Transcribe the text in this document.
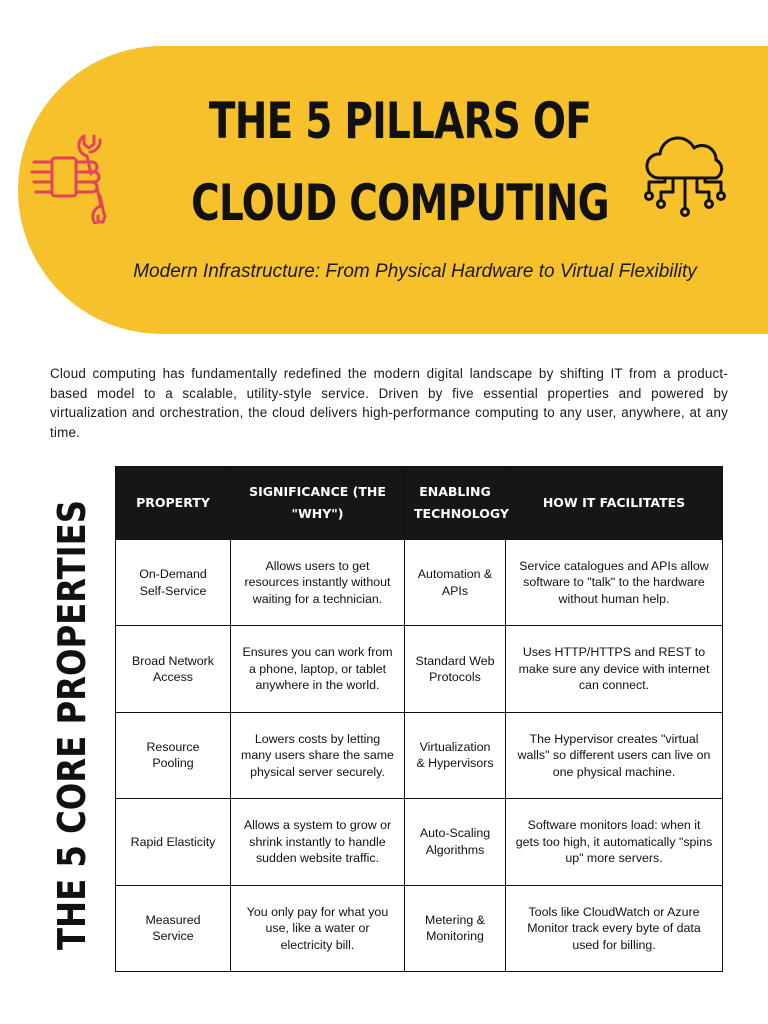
THE 5 PILLARS OF
CLOUD COMPUTING

Modern Infrastructure: From Physical Hardware to Virtual Flexibility

Cloud computing has fundamentally redefined the modern digital landscape by shifting IT from a product-based model to a scalable, utility-style service. Driven by five essential properties and powered by virtualization and orchestration, the cloud delivers high-performance computing to any user, anywhere, at any time.

THE 5 CORE PROPERTIES	PROPERTY	SIGNIFICANCE (THE "WHY")	ENABLING TECHNOLOGY	HOW IT FACILITATES
On-Demand Self-Service	Allows users to get resources instantly without waiting for a technician.	Automation & APIs	Service catalogues and APIs allow software to "talk" to the hardware without human help.
Broad Network Access	Ensures you can work from a phone, laptop, or tablet anywhere in the world.	Standard Web Protocols	Uses HTTP/HTTPS and REST to make sure any device with internet can connect.
Resource Pooling	Lowers costs by letting many users share the same physical server securely.	Virtualization & Hypervisors	The Hypervisor creates "virtual walls" so different users can live on one physical machine.
Rapid Elasticity	Allows a system to grow or shrink instantly to handle sudden website traffic.	Auto-Scaling Algorithms	Software monitors load: when it gets too high, it automatically "spins up" more servers.
Measured Service	You only pay for what you use, like a water or electricity bill.	Metering & Monitoring	Tools like CloudWatch or Azure Monitor track every byte of data used for billing.
